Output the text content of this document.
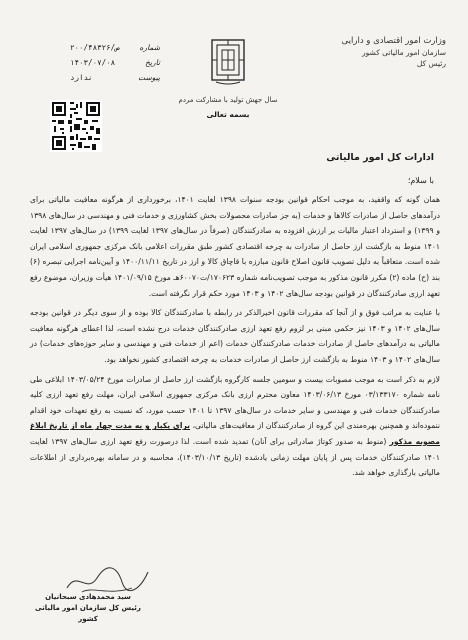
وزارت امور اقتصادی و دارایی
سازمان امور مالیاتی کشور
رئیس کل
سال جهش تولید با مشارکت مردم
بسمه تعالی
شماره
۲۰۰/۴۸۳۲۶/ص
تاریخ
۱۴۰۳/۰۷/۰۸
پیوست
ندارد
ادارات کل امور مالیاتی
با سلام؛

همان گونه که واقفید، به موجب احکام قوانین بودجه سنوات ۱۳۹۸ لغایت ۱۴۰۱، برخورداری از هرگونه معافیت مالیاتی برای درآمدهای حاصل از صادرات کالاها و خدمات (به جز صادرات محصولات بخش کشاورزی و خدمات فنی و مهندسی در سال‌های ۱۳۹۸ و ۱۳۹۹) و استرداد اعتبار مالیات بر ارزش افزوده به صادرکنندگان (صرفاً در سال‌های ۱۳۹۷ لغایت ۱۳۹۹) در سال‌های ۱۳۹۷ لغایت ۱۴۰۱ منوط به بازگشت ارز حاصل از صادرات به چرخه اقتصادی کشور طبق مقررات اعلامی بانک مرکزی جمهوری اسلامی ایران شده است. متعاقباً به دلیل تصویب قانون اصلاح قانون مبارزه با قاچاق کالا و ارز در تاریخ ۱۴۰۰/۱۱/۱۱ و آیین‌نامه اجرایی تبصره (۶) بند (ح) ماده (۲) مکرر قانون مذکور به موجب تصویب‌نامه شماره ۱۷۰۶۲۳/ت۶۰۰۷۰هـ مورخ ۱۴۰۱/۰۹/۱۵ هیأت وزیران، موضوع رفع تعهد ارزی صادرکنندگان در قوانین بودجه سال‌های ۱۴۰۲ و ۱۴۰۳ مورد حکم قرار نگرفته است.

با عنایت به مراتب فوق و از آنجا که مقررات قانون اخیرالذکر در رابطه با صادرکنندگان کالا بوده و از سوی دیگر در قوانین بودجه سال‌های ۱۴۰۲ و ۱۴۰۳ نیز حکمی مبنی بر لزوم رفع تعهد ارزی صادرکنندگان خدمات درج نشده است، لذا اعطای هرگونه معافیت مالیاتی به درآمدهای حاصل از صادرات خدمات صادرکنندگان خدمات (اعم از خدمات فنی و مهندسی و سایر حوزه‌های خدمات) در سال‌های ۱۴۰۲ و ۱۴۰۳ منوط به بازگشت ارز حاصل از صادرات خدمات به چرخه اقتصادی کشور نخواهد بود.

لازم به ذکر است به موجب مصوبات بیست و سومین جلسه کارگروه بازگشت ارز حاصل از صادرات مورخ ۱۴۰۳/۰۵/۲۴ ابلاغی طی نامه شماره ۰۳/۱۳۳۱۷۰ مورخ ۱۴۰۳/۰۶/۱۳ معاون محترم ارزی بانک مرکزی جمهوری اسلامی ایران، مهلت رفع تعهد ارزی کلیه صادرکنندگان خدمات فنی و مهندسی و سایر خدمات در سال‌های ۱۳۹۷ تا ۱۴۰۱ حسب مورد، که نسبت به رفع تعهدات خود اقدام ننموده‌اند و همچنین بهره‌مندی این گروه از صادرکنندگان از معافیت‌های مالیاتی، برای یکبار و به مدت چهار ماه از تاریخ ابلاغ مصوبه مذکور (منوط به صدور کوتاژ صادراتی برای آنان) تمدید شده است. لذا درصورت رفع تعهد ارزی سال‌های ۱۳۹۷ لغایت ۱۴۰۱ صادرکنندگان خدمات پس از پایان مهلت زمانی یادشده (تاریخ ۱۴۰۳/۱۰/۱۳)، محاسبه و در سامانه بهره‌برداری از اطلاعات مالیاتی بارگذاری خواهد شد.

سید محمدهادی سبحانیان
رئیس کل سازمان امور مالیاتی کشور
